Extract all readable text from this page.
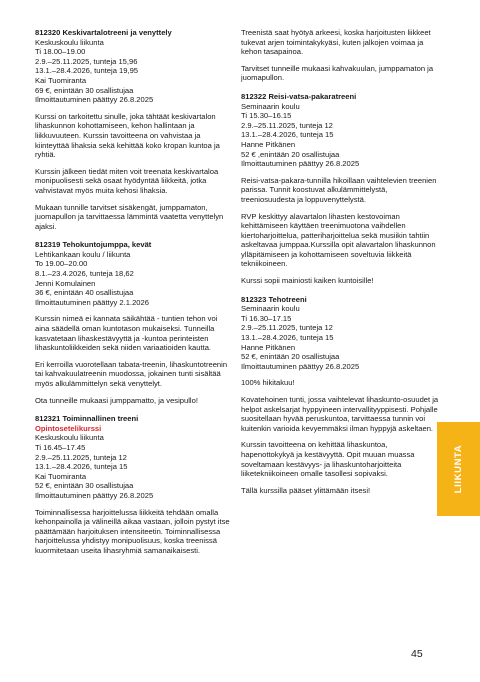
812320 Keskivartalotreeni ja venyttely
Keskuskoulu liikunta
Ti 18.00–19.00
2.9.–25.11.2025, tunteja 15,96
13.1.–28.4.2026, tunteja 19,95
Kai Tuomiranta
69 €, enintään 30 osallistujaa
Ilmoittautuminen päättyy 26.8.2025

Kurssi on tarkoitettu sinulle, joka tähtäät keskivartalon lihaskunnon kohottamiseen, kehon hallintaan ja liikkuvuuteen. Kurssin tavoitteena on vahvistaa ja kiinteyttää lihaksia sekä kehittää koko kropan kuntoa ja ryhtiä.

Kurssin jälkeen tiedät miten voit treenata keskivartaloa monipuolisesti sekä osaat hyödyntää liikkeitä, jotka vahvistavat myös muita kehosi lihaksia.

Mukaan tunnille tarvitset sisäkengät, jumppamaton, juomapullon ja tarvittaessa lämmintä vaatetta venyttelyn ajaksi.

812319 Tehokuntojumppa, kevät
Lehtikankaan koulu / liikunta
To 19.00–20.00
8.1.–23.4.2026, tunteja 18,62
Jenni Komulainen
36 €, enintään 40 osallistujaa
Ilmoittautuminen päättyy 2.1.2026

Kurssin nimeä ei kannata säikähtää - tuntien tehon voi aina säädellä oman kuntotason mukaiseksi. Tunneilla kasvatetaan lihaskestävyyttä ja -kuntoa perinteisten lihaskuntoliikkeiden sekä niiden variaatioiden kautta.

Eri kerroilla vuorotellaan tabata-treenin, lihaskuntotreenin tai kahvakuulatreenin muodossa, jokainen tunti sisältää myös alkulämmittelyn sekä venyttelyt.

Ota tunneille mukaasi jumppamatto, ja vesipullo!

812321 Toiminnallinen treeni
Opintosetelikurssi
Keskuskoulu liikunta
Ti 16.45–17.45
2.9.–25.11.2025, tunteja 12
13.1.–28.4.2026, tunteja 15
Kai Tuomiranta
52 €, enintään 30 osallistujaa
Ilmoittautuminen päättyy 26.8.2025

Toiminnallisessa harjoittelussa liikkeitä tehdään omalla kehonpainolla ja välineillä aikaa vastaan, jolloin pystyt itse päättämään harjoituksen intensiteetin. Toiminnallisessa harjoittelussa yhdistyy monipuolisuus, koska treenissä kuormitetaan useita lihasryhmiä samanaikaisesti.

Treenistä saat hyötyä arkeesi, koska harjoitusten liikkeet tukevat arjen toimintakykyäsi, kuten jalkojen voimaa ja kehon tasapainoa.

Tarvitset tunneille mukaasi kahvakuulan, jumppamaton ja juomapullon.

812322 Reisi-vatsa-pakaratreeni
Seminaarin koulu
Ti 15.30–16.15
2.9.–25.11.2025, tunteja 12
13.1.–28.4.2026, tunteja 15
Hanne Pitkänen
52 € ,enintään 20 osallistujaa
Ilmoittautuminen päättyy 26.8.2025

Reisi-vatsa-pakara-tunnilla hikoillaan vaihtelevien treenien parissa. Tunnit koostuvat alkulämmittelystä, treeniosuudesta ja loppuvenyttelystä.

RVP keskittyy alavartalon lihasten kestovoiman kehittämiseen käyttäen treenimuotona vaihdellen kiertoharjoittelua, patteriharjoittelua sekä musiikin tahtiin askeltavaa jumppaa.Kurssilla opit alavartalon lihaskunnon ylläpitämiseen ja kohottamiseen soveltuvia liikkeitä tekniikoineen.

Kurssi sopii mainiosti kaiken kuntoisille!

812323 Tehotreeni
Seminaarin koulu
Ti 16.30–17.15
2.9.–25.11.2025, tunteja 12
13.1.–28.4.2026, tunteja 15
Hanne Pitkänen
52 €, enintään 20 osallistujaa
Ilmoittautuminen päättyy 26.8.2025

100% hikitakuu!

Kovatehoinen tunti, jossa vaihtelevat lihaskunto-osuudet ja helpot askelsarjat hyppyineen intervallityyppisesti. Pohjalle suositellaan hyvää peruskuntoa, tarvittaessa tunnin voi kuitenkin varioida kevyemmäksi ilman hyppyjä askeltaen.

Kurssin tavoitteena on kehittää lihaskuntoa, hapenottokykyä ja kestävyyttä. Opit muuan muassa soveltamaan kestävyys- ja lihaskuntoharjoitteita liiketekniikoineen omalle tasollesi sopivaksi.

Tällä kurssilla pääset ylittämään itsesi!	LIIKUNTA
45
